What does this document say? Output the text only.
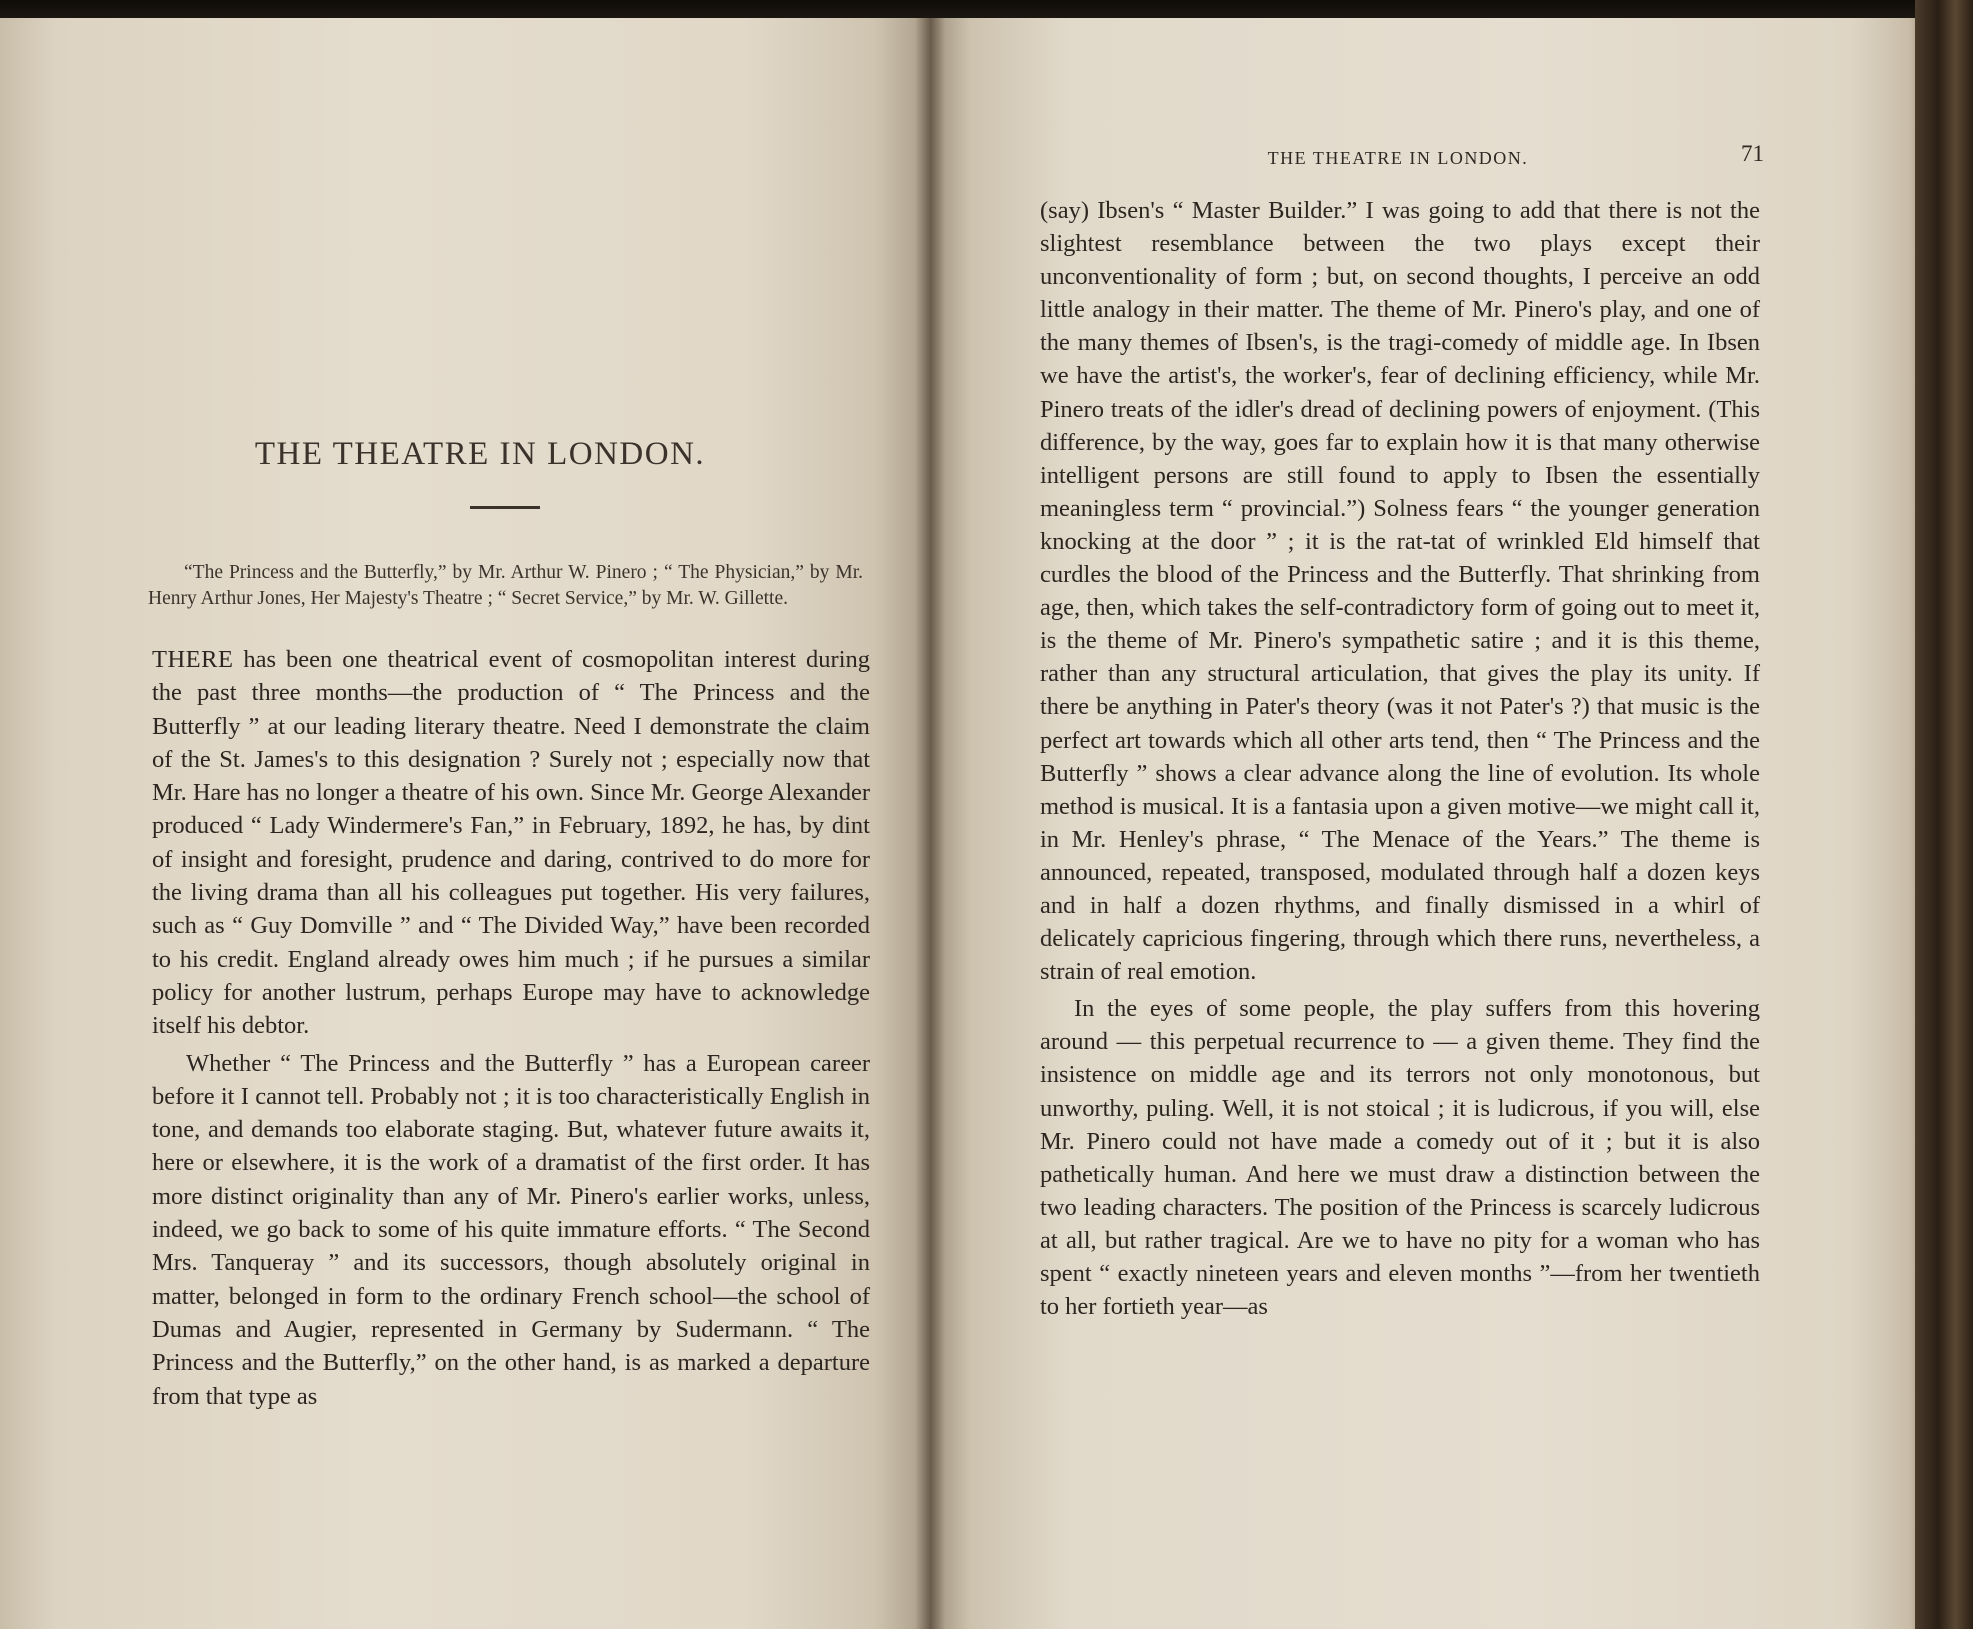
THE THEATRE IN LONDON.

“The Princess and the Butterfly,” by Mr. Arthur W. Pinero ; “ The Physician,” by Mr. Henry Arthur Jones, Her Majesty's Theatre ; “ Secret Service,” by Mr. W. Gillette.

THERE has been one theatrical event of cosmopolitan interest during the past three months—the production of “ The Princess and the Butterfly ” at our leading literary theatre. Need I demonstrate the claim of the St. James's to this designation ? Surely not ; especially now that Mr. Hare has no longer a theatre of his own. Since Mr. George Alexander produced “ Lady Windermere's Fan,” in February, 1892, he has, by dint of insight and foresight, prudence and daring, contrived to do more for the living drama than all his colleagues put together. His very failures, such as “ Guy Domville ” and “ The Divided Way,” have been recorded to his credit. England already owes him much ; if he pursues a similar policy for another lustrum, perhaps Europe may have to acknowledge itself his debtor.

Whether “ The Princess and the Butterfly ” has a European career before it I cannot tell. Probably not ; it is too characteristically English in tone, and demands too elaborate staging. But, whatever future awaits it, here or elsewhere, it is the work of a dramatist of the first order. It has more distinct originality than any of Mr. Pinero's earlier works, unless, indeed, we go back to some of his quite immature efforts. “ The Second Mrs. Tanqueray ” and its successors, though absolutely original in matter, belonged in form to the ordinary French school—the school of Dumas and Augier, represented in Germany by Sudermann. “ The Princess and the Butterfly,” on the other hand, is as marked a departure from that type as

THE THEATRE IN LONDON.	71

(say) Ibsen's “ Master Builder.” I was going to add that there is not the slightest resemblance between the two plays except their unconventionality of form ; but, on second thoughts, I perceive an odd little analogy in their matter. The theme of Mr. Pinero's play, and one of the many themes of Ibsen's, is the tragi-comedy of middle age. In Ibsen we have the artist's, the worker's, fear of declining efficiency, while Mr. Pinero treats of the idler's dread of declining powers of enjoyment. (This difference, by the way, goes far to explain how it is that many otherwise intelligent persons are still found to apply to Ibsen the essentially meaningless term “ provincial.”) Solness fears “ the younger generation knocking at the door ” ; it is the rat-tat of wrinkled Eld himself that curdles the blood of the Princess and the Butterfly. That shrinking from age, then, which takes the self-contradictory form of going out to meet it, is the theme of Mr. Pinero's sympathetic satire ; and it is this theme, rather than any structural articulation, that gives the play its unity. If there be anything in Pater's theory (was it not Pater's ?) that music is the perfect art towards which all other arts tend, then “ The Princess and the Butterfly ” shows a clear advance along the line of evolution. Its whole method is musical. It is a fantasia upon a given motive—we might call it, in Mr. Henley's phrase, “ The Menace of the Years.” The theme is announced, repeated, transposed, modulated through half a dozen keys and in half a dozen rhythms, and finally dismissed in a whirl of delicately capricious fingering, through which there runs, nevertheless, a strain of real emotion.

In the eyes of some people, the play suffers from this hovering around — this perpetual recurrence to — a given theme. They find the insistence on middle age and its terrors not only monotonous, but unworthy, puling. Well, it is not stoical ; it is ludicrous, if you will, else Mr. Pinero could not have made a comedy out of it ; but it is also pathetically human. And here we must draw a distinction between the two leading characters. The position of the Princess is scarcely ludicrous at all, but rather tragical. Are we to have no pity for a woman who has spent “ exactly nineteen years and eleven months ”—from her twentieth to her fortieth year—as
